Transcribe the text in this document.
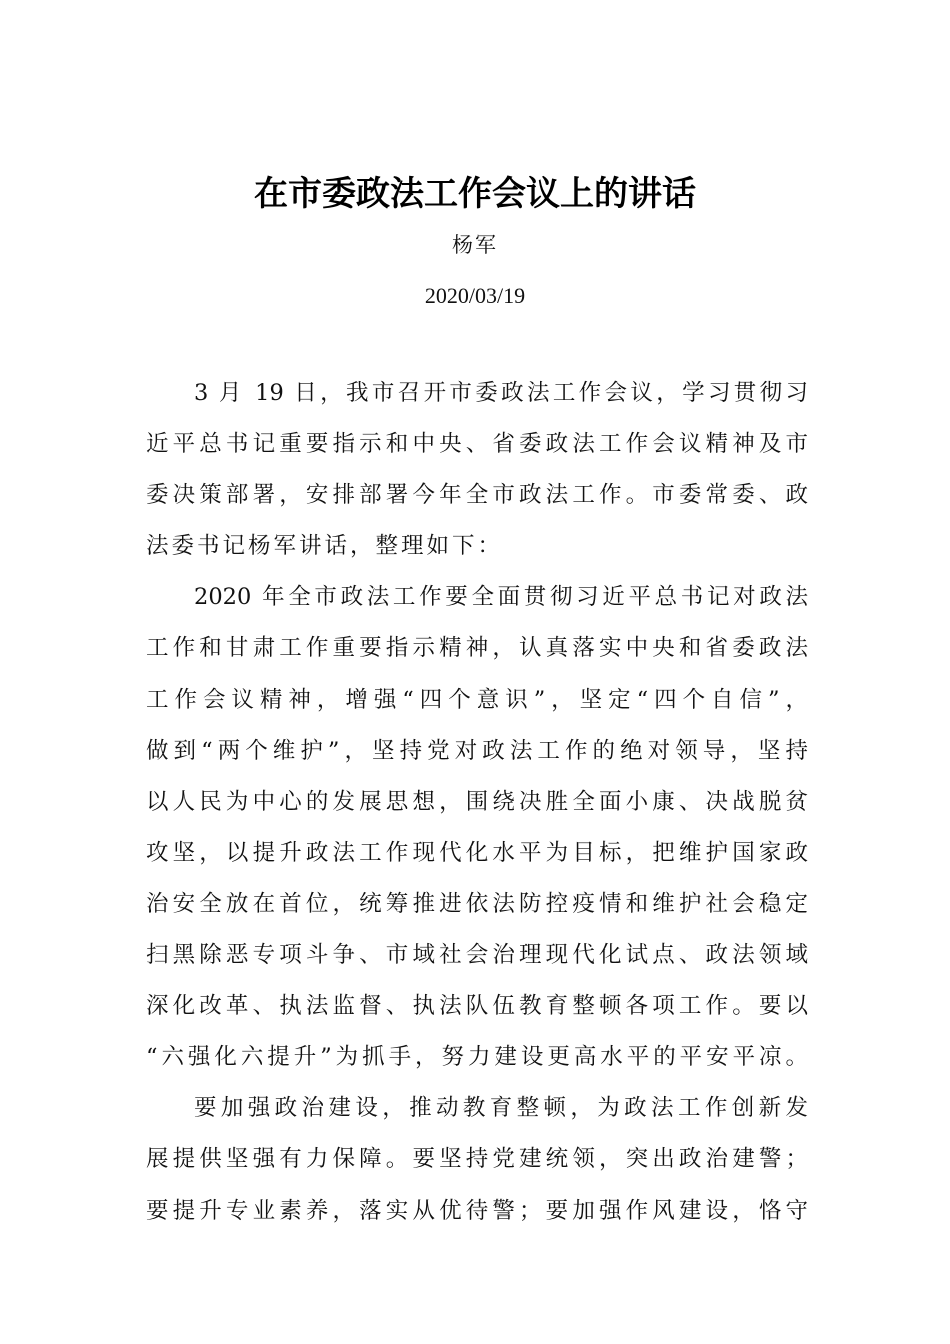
在市委政法工作会议上的讲话
杨军
2020/03/19
3 月 19 日，我市召开市委政法工作会议，学习贯彻习
近平总书记重要指示和中央、省委政法工作会议精神及市
委决策部署，安排部署今年全市政法工作。市委常委、政
法委书记杨军讲话，整理如下：
2020 年全市政法工作要全面贯彻习近平总书记对政法
工作和甘肃工作重要指示精神，认真落实中央和省委政法
工作会议精神，增强“四个意识”，坚定“四个自信”，
做到“两个维护”，坚持党对政法工作的绝对领导，坚持
以人民为中心的发展思想，围绕决胜全面小康、决战脱贫
攻坚，以提升政法工作现代化水平为目标，把维护国家政
治安全放在首位，统筹推进依法防控疫情和维护社会稳定
扫黑除恶专项斗争、市域社会治理现代化试点、政法领域
深化改革、执法监督、执法队伍教育整顿各项工作。要以
“六强化六提升”为抓手，努力建设更高水平的平安平凉。
要加强政治建设，推动教育整顿，为政法工作创新发
展提供坚强有力保障。要坚持党建统领，突出政治建警；
要提升专业素养，落实从优待警；要加强作风建设，恪守
